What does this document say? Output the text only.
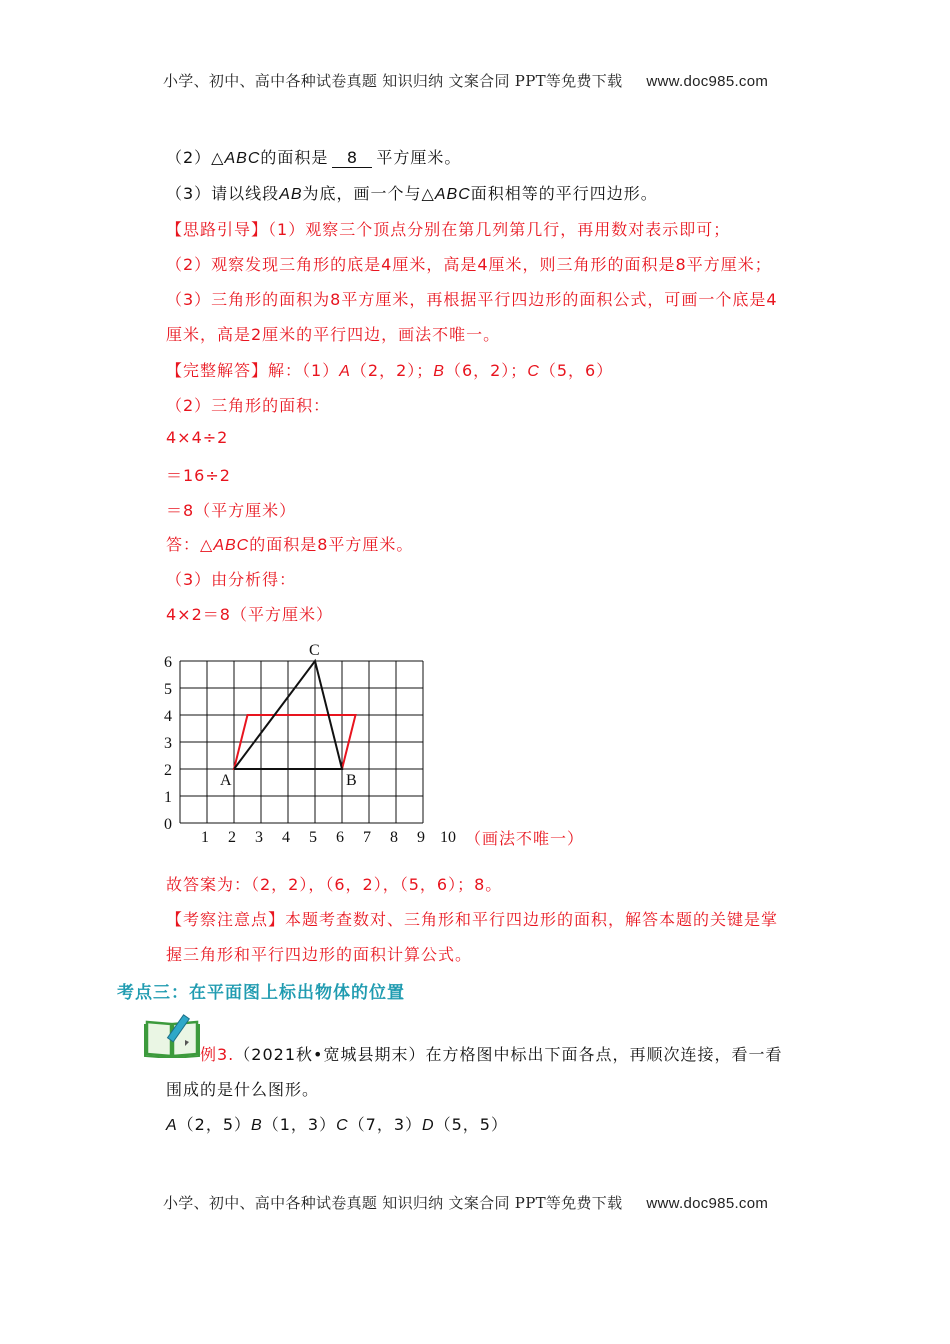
小学、初中、高中各种试卷真题 知识归纳 文案合同 PPT等免费下载 www.doc985.com
（2）△ABC的面积是 8 平方厘米。
（3）请以线段AB为底，画一个与△ABC面积相等的平行四边形。
【思路引导】（1）观察三个顶点分别在第几列第几行，再用数对表示即可；
（2）观察发现三角形的底是4厘米，高是4厘米，则三角形的面积是8平方厘米；
（3）三角形的面积为8平方厘米，再根据平行四边形的面积公式，可画一个底是4
厘米，高是2厘米的平行四边，画法不唯一。
【完整解答】解：（1）A（2，2）；B（6，2）；C（5，6）
（2）三角形的面积：
4×4÷2
＝16÷2
＝8（平方厘米）
答：△ABC的面积是8平方厘米。
（3）由分析得：
4×2＝8（平方厘米）
0
1
2
3
4
5
6
1 2 3 4 5 6 7 8 9 10
A	B
C
（画法不唯一）
故答案为：（2，2），（6，2），（5，6）；8。
【考察注意点】本题考查数对、三角形和平行四边形的面积，解答本题的关键是掌
握三角形和平行四边形的面积计算公式。
考点三：在平面图上标出物体的位置
例3.（2021秋•宽城县期末）在方格图中标出下面各点，再顺次连接，看一看
围成的是什么图形。
A（2，5）B（1，3）C（7，3）D（5，5）
小学、初中、高中各种试卷真题 知识归纳 文案合同 PPT等免费下载 www.doc985.com
